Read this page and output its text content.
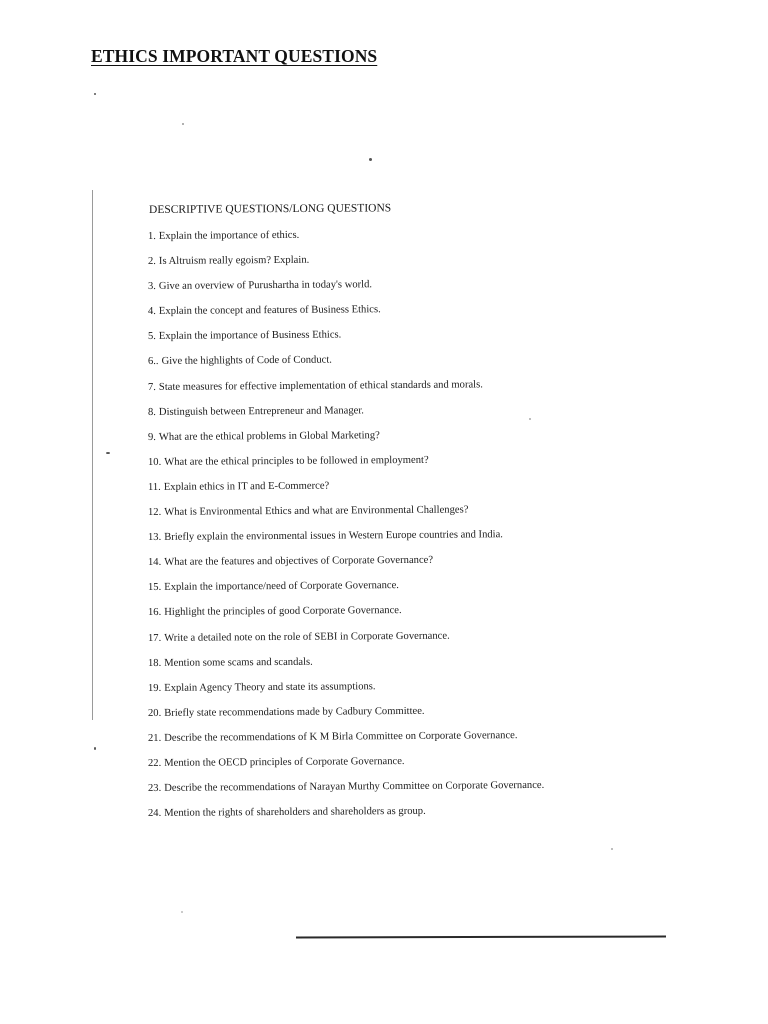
ETHICS IMPORTANT QUESTIONS
DESCRIPTIVE QUESTIONS/LONG QUESTIONS
1. Explain the importance of ethics.
2. Is Altruism really egoism? Explain.
3. Give an overview of Purushartha in today's world.
4. Explain the concept and features of Business Ethics.
5. Explain the importance of Business Ethics.
6.. Give the highlights of Code of Conduct.
7. State measures for effective implementation of ethical standards and morals.
8. Distinguish between Entrepreneur and Manager.
9. What are the ethical problems in Global Marketing?
10. What are the ethical principles to be followed in employment?
11. Explain ethics in IT and E-Commerce?
12. What is Environmental Ethics and what are Environmental Challenges?
13. Briefly explain the environmental issues in Western Europe countries and India.
14. What are the features and objectives of Corporate Governance?
15. Explain the importance/need of Corporate Governance.
16. Highlight the principles of good Corporate Governance.
17. Write a detailed note on the role of SEBI in Corporate Governance.
18. Mention some scams and scandals.
19. Explain Agency Theory and state its assumptions.
20. Briefly state recommendations made by Cadbury Committee.
21. Describe the recommendations of K M Birla Committee on Corporate Governance.
22. Mention the OECD principles of Corporate Governance.
23. Describe the recommendations of Narayan Murthy Committee on Corporate Governance.
24. Mention the rights of shareholders and shareholders as group.
